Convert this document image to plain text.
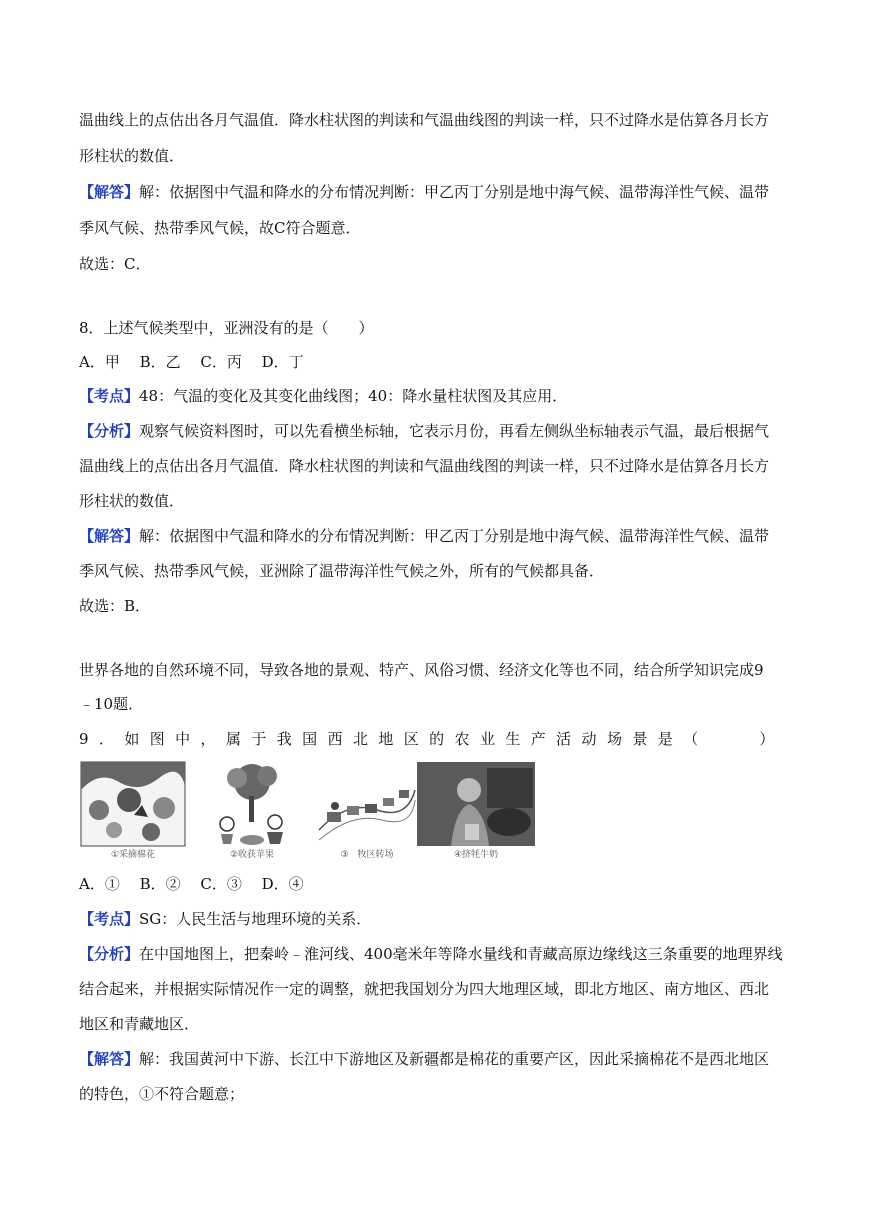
温曲线上的点估出各月气温值．降水柱状图的判读和气温曲线图的判读一样，只不过降水是估算各月长方
形柱状的数值．
【解答】解：依据图中气温和降水的分布情况判断：甲乙丙丁分别是地中海气候、温带海洋性气候、温带
季风气候、热带季风气候，故C符合题意．
故选：C．
8．上述气候类型中，亚洲没有的是（　　）
A．甲　 B．乙　 C．丙　 D．丁
【考点】48：气温的变化及其变化曲线图；40：降水量柱状图及其应用．
【分析】观察气候资料图时，可以先看横坐标轴，它表示月份，再看左侧纵坐标轴表示气温，最后根据气
温曲线上的点估出各月气温值．降水柱状图的判读和气温曲线图的判读一样，只不过降水是估算各月长方
形柱状的数值．
【解答】解：依据图中气温和降水的分布情况判断：甲乙丙丁分别是地中海气候、温带海洋性气候、温带
季风气候、热带季风气候，亚洲除了温带海洋性气候之外，所有的气候都具备．
故选：B．
世界各地的自然环境不同，导致各地的景观、特产、风俗习惯、经济文化等也不同，结合所学知识完成9
﹣10题．
9．如图中，属于我国西北地区的农业生产活动场景是（　　）
①采摘棉花	②收获苹果	③　牧区转场	④挤牦牛奶
A．①　 B．②　 C．③　 D．④
【考点】SG：人民生活与地理环境的关系．
【分析】在中国地图上，把秦岭﹣淮河线、400毫米年等降水量线和青藏高原边缘线这三条重要的地理界线
结合起来，并根据实际情况作一定的调整，就把我国划分为四大地理区域，即北方地区、南方地区、西北
地区和青藏地区．
【解答】解：我国黄河中下游、长江中下游地区及新疆都是棉花的重要产区，因此采摘棉花不是西北地区
的特色，①不符合题意；
